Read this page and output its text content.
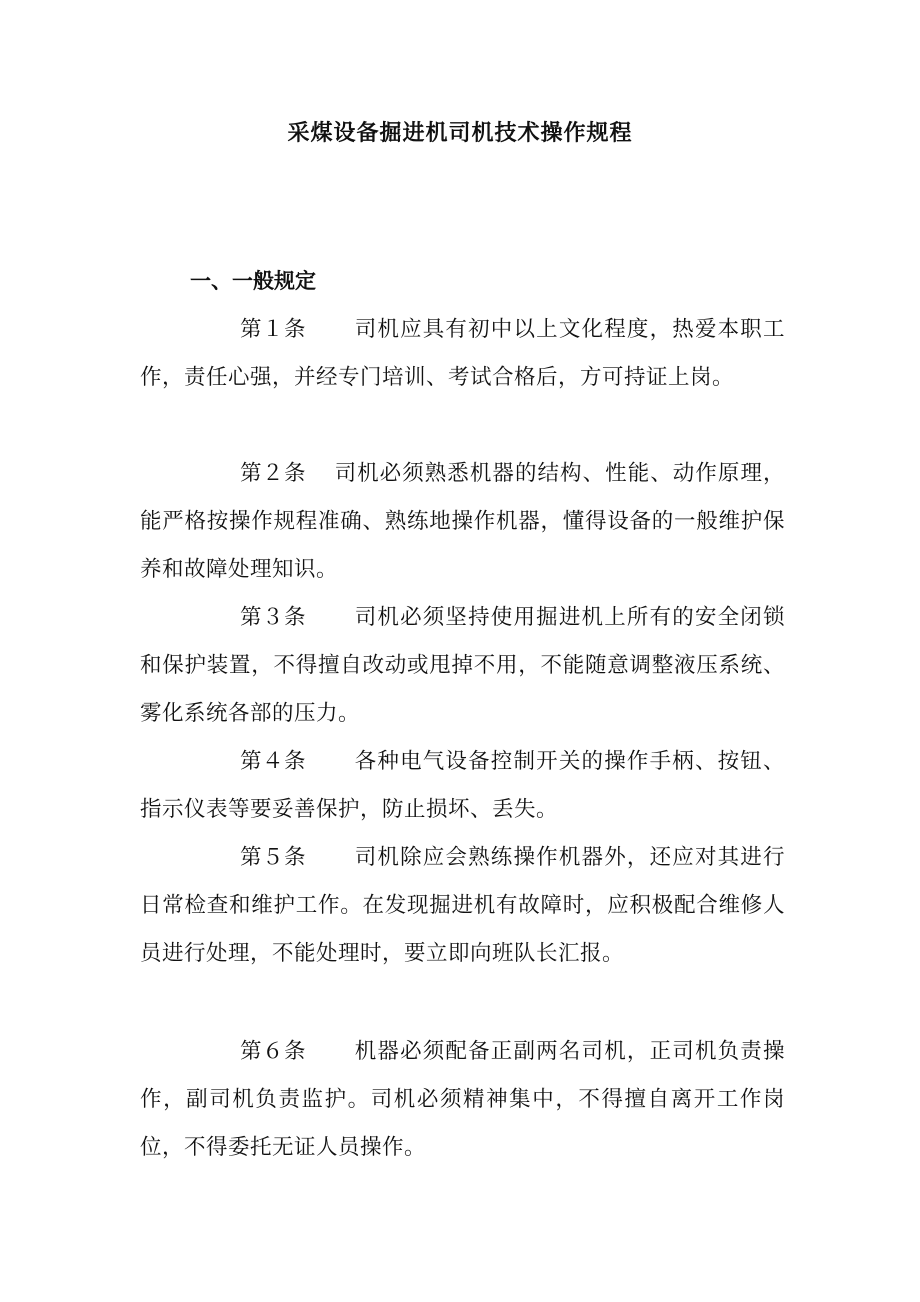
采煤设备掘进机司机技术操作规程
一、一般规定
第１条 司机应具有初中以上文化程度，热爱本职工作，责任心强，并经专门培训、考试合格后，方可持证上岗。
第２条 司机必须熟悉机器的结构、性能、动作原理，能严格按操作规程准确、熟练地操作机器，懂得设备的一般维护保养和故障处理知识。
第３条 司机必须坚持使用掘进机上所有的安全闭锁和保护装置，不得擅自改动或甩掉不用，不能随意调整液压系统、雾化系统各部的压力。
第４条 各种电气设备控制开关的操作手柄、按钮、指示仪表等要妥善保护，防止损坏、丢失。
第５条 司机除应会熟练操作机器外，还应对其进行日常检查和维护工作。在发现掘进机有故障时，应积极配合维修人员进行处理，不能处理时，要立即向班队长汇报。
第６条 机器必须配备正副两名司机，正司机负责操作，副司机负责监护。司机必须精神集中，不得擅自离开工作岗位，不得委托无证人员操作。
